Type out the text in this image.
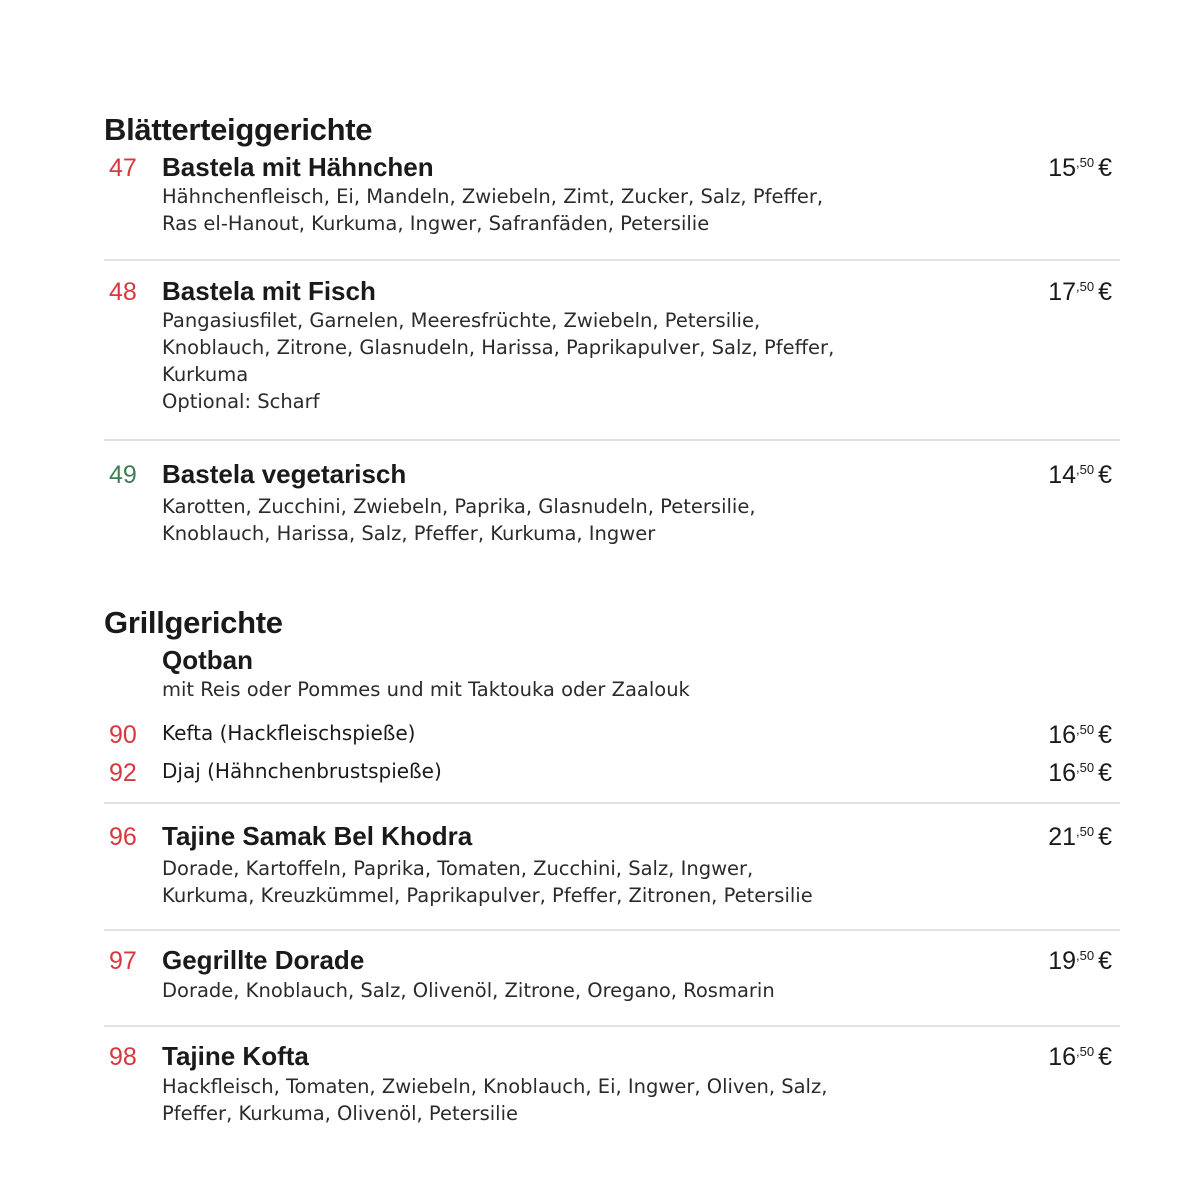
Blätterteiggerichte
47 Bastela mit Hähnchen	$15^{,50}$ €
Hähnchenfleisch, Ei, Mandeln, Zwiebeln, Zimt, Zucker, Salz, Pfeffer,
Ras el-Hanout, Kurkuma, Ingwer, Safranfäden, Petersilie
48 Bastela mit Fisch	$17^{,50}$ €
Pangasiusfilet, Garnelen, Meeresfrüchte, Zwiebeln, Petersilie,
Knoblauch, Zitrone, Glasnudeln, Harissa, Paprikapulver, Salz, Pfeffer,
Kurkuma
Optional: Scharf
49 Bastela vegetarisch	$14^{,50}$ €
Karotten, Zucchini, Zwiebeln, Paprika, Glasnudeln, Petersilie,
Knoblauch, Harissa, Salz, Pfeffer, Kurkuma, Ingwer
Grillgerichte
Qotban
mit Reis oder Pommes und mit Taktouka oder Zaalouk
90 Kefta (Hackfleischspieße)	$16^{,50}$ €
92 Djaj (Hähnchenbrustspieße)	$16^{,50}$ €
96 Tajine Samak Bel Khodra	$21^{,50}$ €
Dorade, Kartoffeln, Paprika, Tomaten, Zucchini, Salz, Ingwer,
Kurkuma, Kreuzkümmel, Paprikapulver, Pfeffer, Zitronen, Petersilie
97 Gegrillte Dorade	$19^{,50}$ €
Dorade, Knoblauch, Salz, Olivenöl, Zitrone, Oregano, Rosmarin
98 Tajine Kofta	$16^{,50}$ €
Hackfleisch, Tomaten, Zwiebeln, Knoblauch, Ei, Ingwer, Oliven, Salz,
Pfeffer, Kurkuma, Olivenöl, Petersilie
